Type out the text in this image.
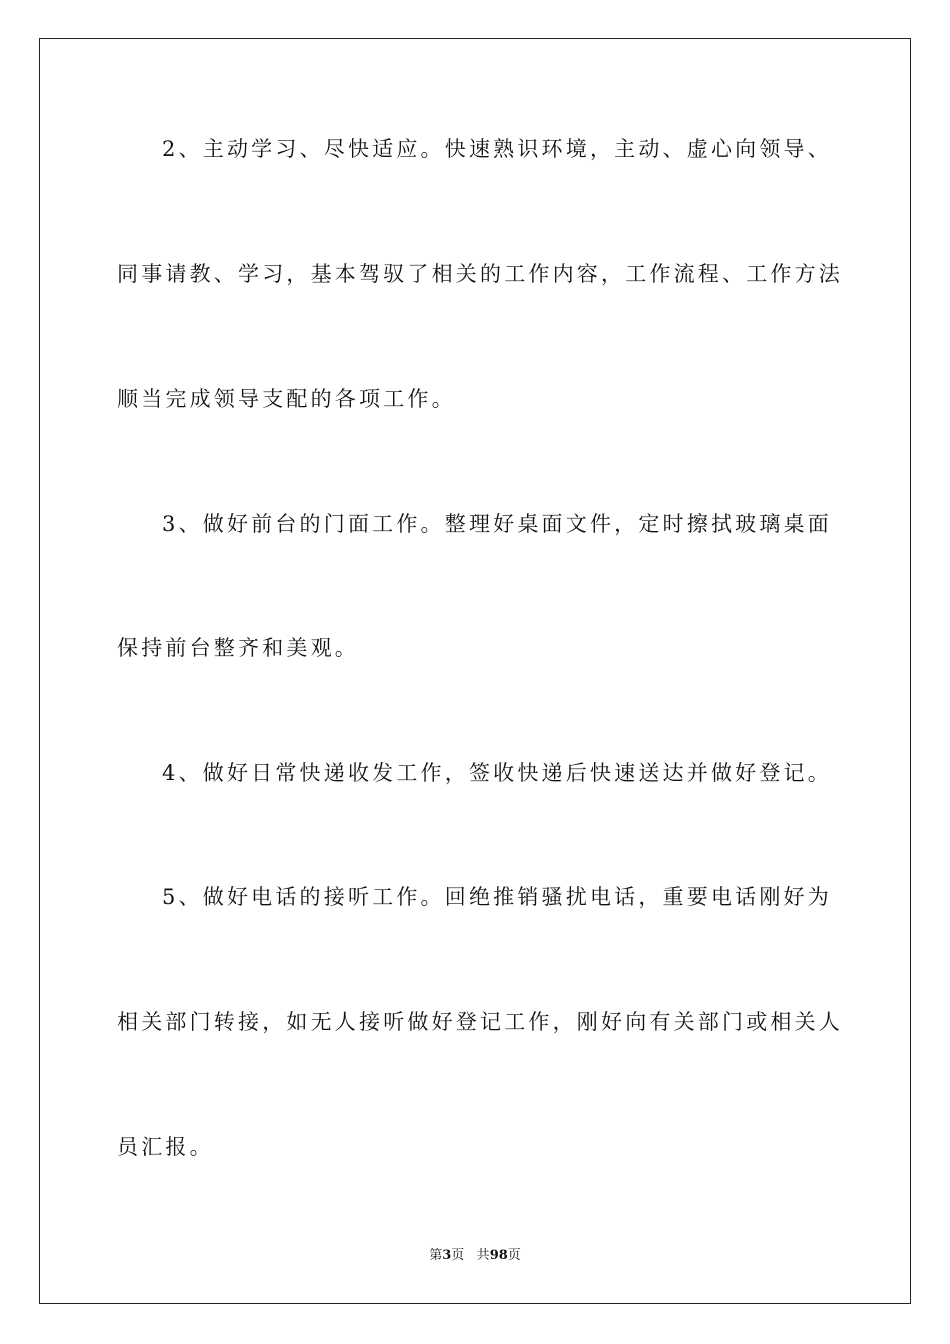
2、主动学习、尽快适应。快速熟识环境，主动、虚心向领导、
同事请教、学习，基本驾驭了相关的工作内容，工作流程、工作方法
顺当完成领导支配的各项工作。
3、做好前台的门面工作。整理好桌面文件，定时擦拭玻璃桌面
保持前台整齐和美观。
4、做好日常快递收发工作，签收快递后快速送达并做好登记。
5、做好电话的接听工作。回绝推销骚扰电话，重要电话刚好为
相关部门转接，如无人接听做好登记工作，刚好向有关部门或相关人
员汇报。
第3页 共98页
